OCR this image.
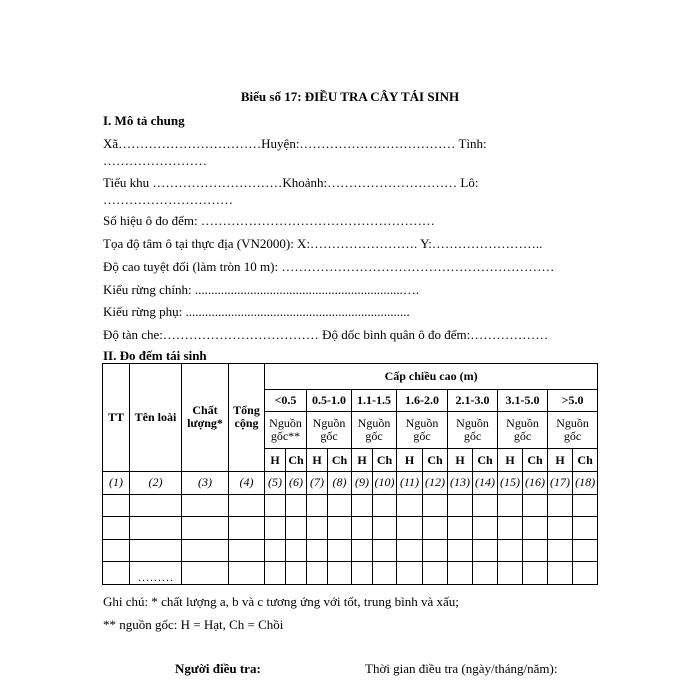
Biểu số 17: ĐIỀU TRA CÂY TÁI SINH
I. Mô tả chung
Xã……………………………Huyện:……………………………… Tỉnh:
……………………
Tiểu khu …………………………Khoảnh:………………………… Lô:
…………………………
Số hiệu ô đo đếm: ………………………………………………
Tọa độ tâm ô tại thực địa (VN2000): X:……………………. Y:……………………..
Độ cao tuyệt đối (làm tròn 10 m): ………………………………………………………
Kiểu rừng chính: ................................................................….
Kiểu rừng phụ: .....................................................................
Độ tàn che:……………………………… Độ dốc bình quân ô đo đếm:………………
II. Đo đếm tái sinh
TT	Tên loài	Chất lượng*	Tổng cộng	Cấp chiều cao (m)													
				<0.5		0.5-1.0		1.1-1.5		1.6-2.0		2.1-3.0		3.1-5.0		>5.0	
				Nguồn gốc**		Nguồn gốc		Nguồn gốc		Nguồn gốc		Nguồn gốc		Nguồn gốc		Nguồn gốc	
				H	Ch	H	Ch	H	Ch	H	Ch	H	Ch	H	Ch	H	Ch
(1)	(2)	(3)	(4)	(5)	(6)	(7)	(8)	(9)	(10)	(11)	(12)	(13)	(14)	(15)	(16)	(17)	(18)

	………																
Ghi chú: * chất lượng a, b và c tương ứng với tốt, trung bình và xấu;
** nguồn gốc: H = Hạt, Ch = Chồi
Người điều tra:	Thời gian điều tra (ngày/tháng/năm):
